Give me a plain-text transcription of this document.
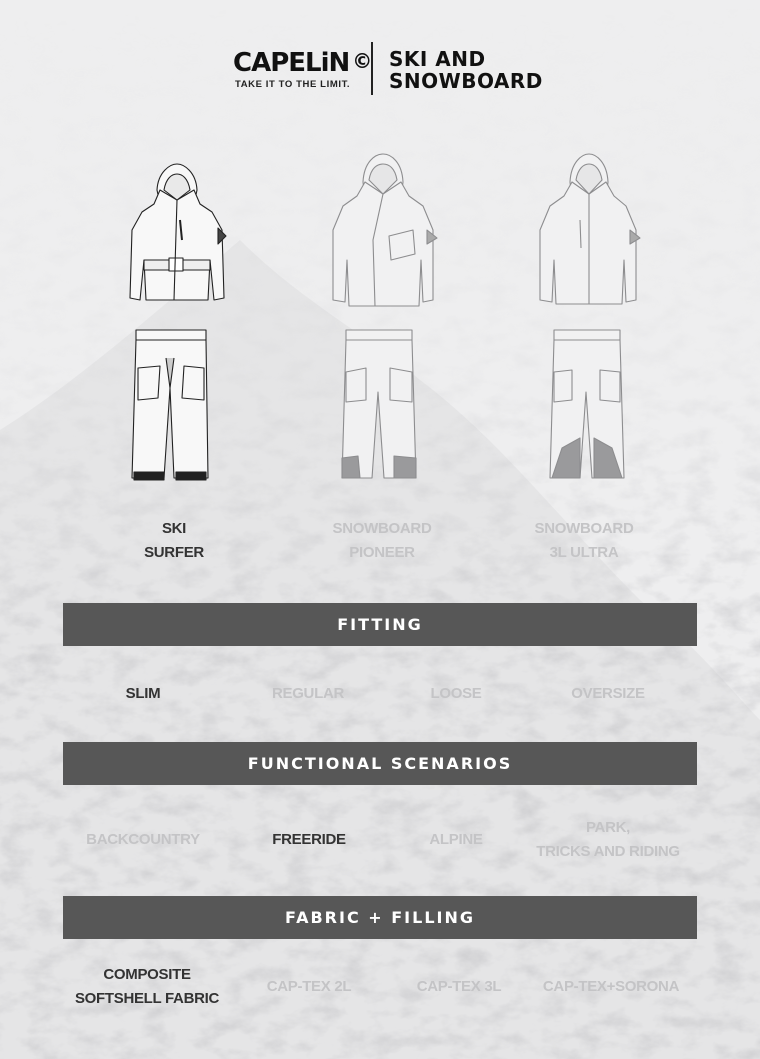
CAPELiN ©
TAKE IT TO THE LIMIT.
SKI AND
SNOWBOARD
SKI
SURFER
SNOWBOARD
PIONEER
SNOWBOARD
3L ULTRA
FITTING
SLIM	REGULAR	LOOSE	OVERSIZE
FUNCTIONAL SCENARIOS
BACKCOUNTRY	FREERIDE	ALPINE
PARK,
TRICKS AND RIDING
FABRIC + FILLING
COMPOSITE
SOFTSHELL FABRIC
CAP-TEX 2L	CAP-TEX 3L	CAP-TEX+SORONA
